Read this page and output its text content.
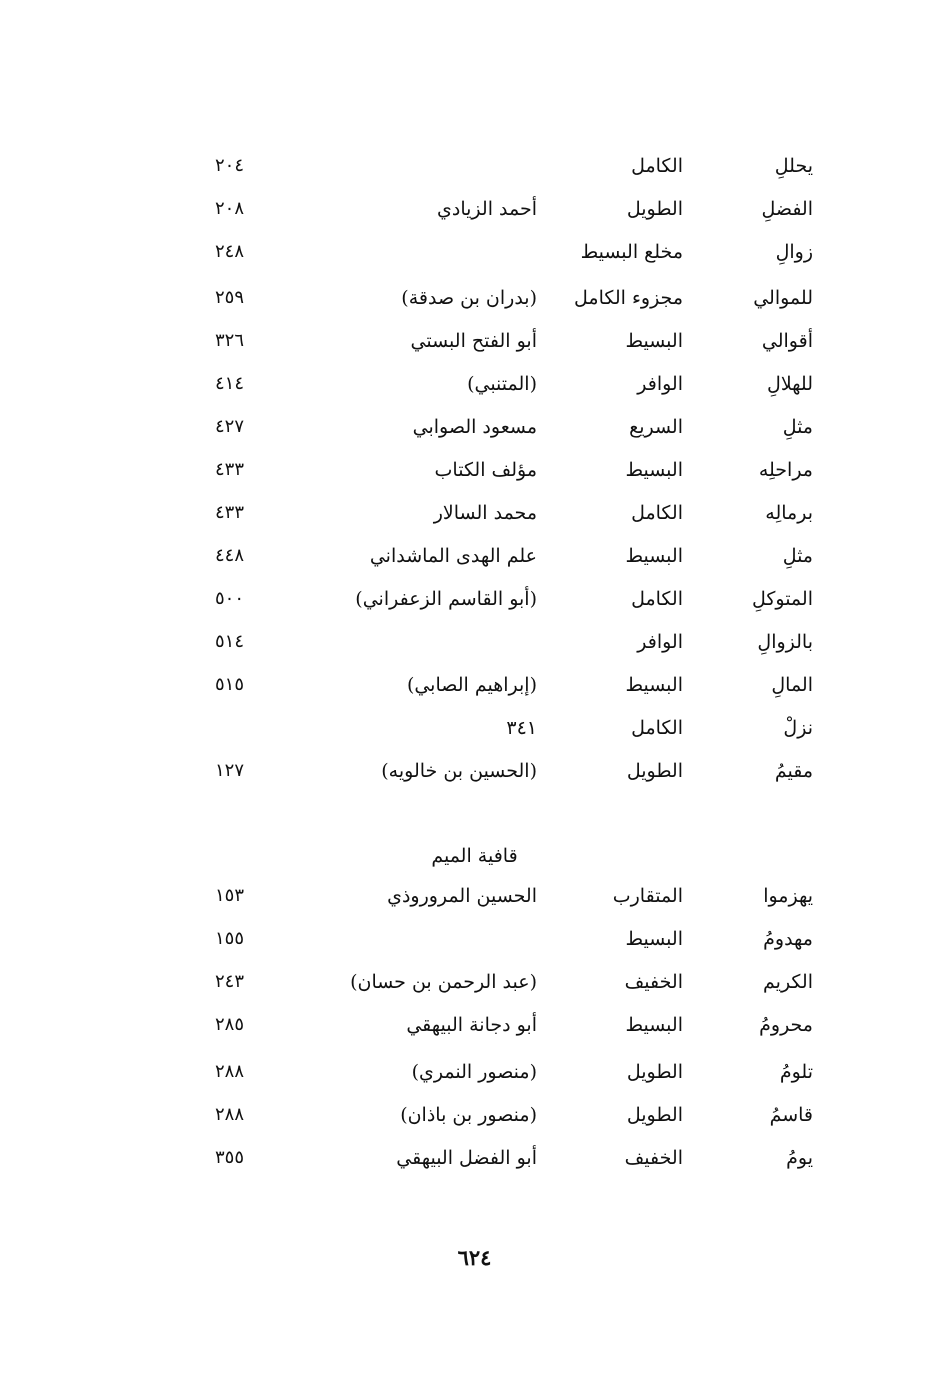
يحللِ
الكامل
٢٠٤
الفضلِ
الطويل
أحمد الزيادي
٢٠٨
زوالِ
مخلع البسيط
٢٤٨
للموالي
مجزوء الكامل
(بدران بن صدقة)
٢٥٩
أقوالي
البسيط
أبو الفتح البستي
٣٢٦
للهلالِ
الوافر
(المتنبي)
٤١٤
مثلِ
السريع
مسعود الصوابي
٤٢٧
مراحلِه
البسيط
مؤلف الكتاب
٤٣٣
برمالِه
الكامل
محمد السالار
٤٣٣
مثلِ
البسيط
علم الهدى الماشداني
٤٤٨
المتوكلِ
الكامل
(أبو القاسم الزعفراني)
٥٠٠
بالزوالِ
الوافر
٥١٤
المالِ
البسيط
(إبراهيم الصابي)
٥١٥
نزلْ
الكامل
٣٤١
مقيمُ
الطويل
(الحسين بن خالويه)
١٢٧
قافية الميم
يهزموا
المتقارب
الحسين المروروذي
١٥٣
مهدومُ
البسيط
١٥٥
الكريم
الخفيف
(عبد الرحمن بن حسان)
٢٤٣
محرومُ
البسيط
أبو دجانة البيهقي
٢٨٥
تلومُ
الطويل
(منصور النمري)
٢٨٨
قاسمُ
الطويل
(منصور بن باذان)
٢٨٨
يومُ
الخفيف
أبو الفضل البيهقي
٣٥٥
٦٢٤
